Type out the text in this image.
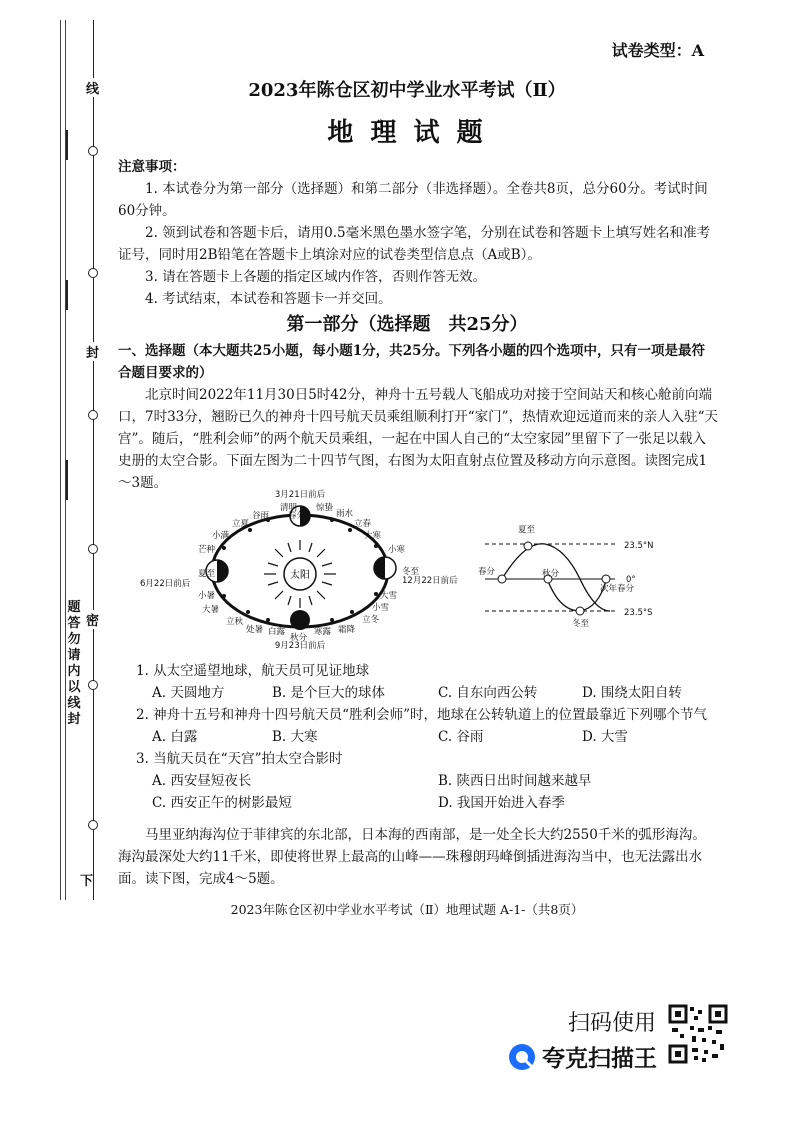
线
封
密
题答勿请内以线封
下
试卷类型：A
2023年陈仓区初中学业水平考试（Ⅱ）
地 理 试 题

注意事项：

1. 本试卷分为第一部分（选择题）和第二部分（非选择题）。全卷共8页，总分60分。考试时间60分钟。

2. 领到试卷和答题卡后，请用0.5毫米黑色墨水签字笔，分别在试卷和答题卡上填写姓名和准考证号，同时用2B铅笔在答题卡上填涂对应的试卷类型信息点（A或B）。

3. 请在答题卡上各题的指定区域内作答，否则作答无效。

4. 考试结束，本试卷和答题卡一并交回。

第一部分（选择题　共25分）

一、选择题（本大题共25小题，每小题1分，共25分。下列各小题的四个选项中，只有一项是最符合题目要求的）

北京时间2022年11月30日5时42分，神舟十五号载人飞船成功对接于空间站天和核心舱前向端口，7时33分，翘盼已久的神舟十四号航天员乘组顺利打开“家门”，热情欢迎远道而来的亲人入驻“天宫”。随后，“胜利会师”的两个航天员乘组，一起在中国人自己的“太空家园”里留下了一张足以载入史册的太空合影。下面左图为二十四节气图，右图为太阳直射点位置及移动方向示意图。读图完成1～3题。

太阳
3月21日前后
9月23日前后
6月22日前后	12月22日前后
清明 惊蛰
雨水
立春
大寒
小寒
冬至
大雪
小雪
立冬
霜降
寒露
秋分
白露
处暑
立秋
大暑
小暑
夏至
芒种
小满
立夏
谷雨 春分
夏至
春分	秋分
冬至
次年春分
23.5°N
0°
23.5°S

1. 从太空遥望地球，航天员可见证地球

A. 天圆地方	B. 是个巨大的球体	C. 自东向西公转	D. 围绕太阳自转

2. 神舟十五号和神舟十四号航天员“胜利会师”时，地球在公转轨道上的位置最靠近下列哪个节气

A. 白露	B. 大寒	C. 谷雨	D. 大雪

3. 当航天员在“天宫”拍太空合影时

A. 西安昼短夜长	B. 陕西日出时间越来越早
C. 西安正午的树影最短	D. 我国开始进入春季

马里亚纳海沟位于菲律宾的东北部，日本海的西南部，是一处全长大约2550千米的弧形海沟。海沟最深处大约11千米，即使将世界上最高的山峰——珠穆朗玛峰倒插进海沟当中，也无法露出水面。读下图，完成4～5题。

2023年陈仓区初中学业水平考试（Ⅱ）地理试题 A-1-（共8页）
扫码使用
夸克扫描王
